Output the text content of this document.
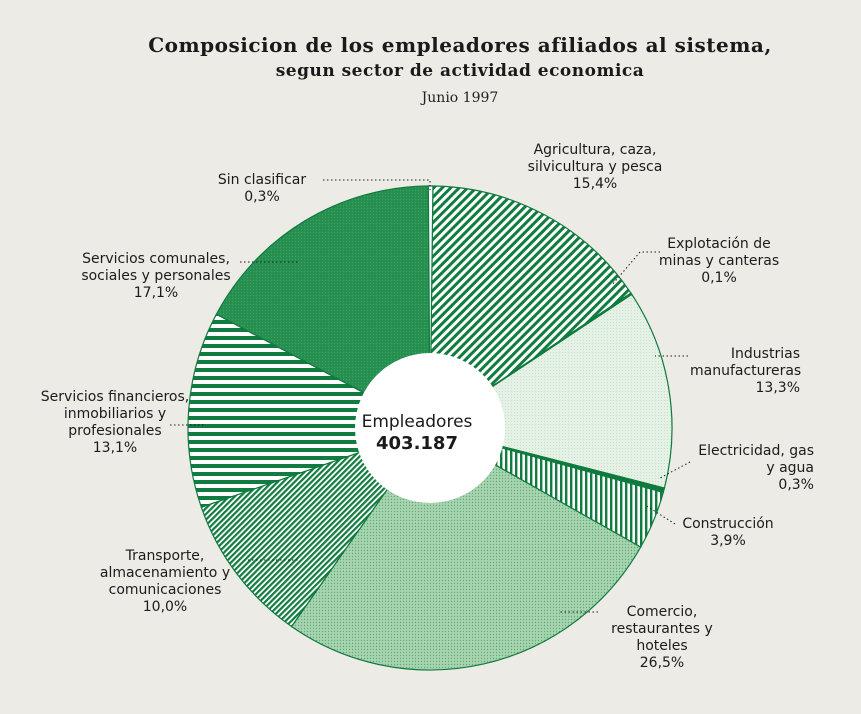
Composicion de los empleadores afiliados al sistema,
segun sector de actividad economica
Junio 1997
Empleadores
403.187
Agricultura, caza, silvicultura y pesca
15,4%
Explotación de minas y canteras
0,1%
Industrias manufactureras
13,3%
Electricidad, gas y agua
0,3%
Construcción
3,9%
Comercio, restaurantes y hoteles
26,5%
Transporte, almacenamiento y comunicaciones
10,0%
Servicios financieros, inmobiliarios y profesionales
13,1%
Servicios comunales, sociales y personales
17,1%
Sin clasificar
0,3%
